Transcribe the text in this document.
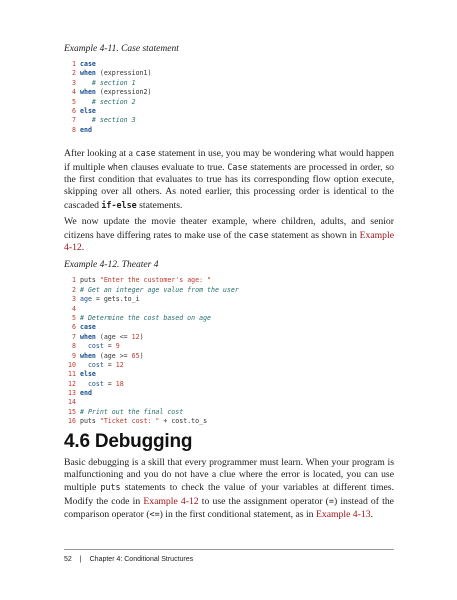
Example 4-11. Case statement

1 case
2 when (expression1)
3   # section 1
4 when (expression2)
5   # section 2
6 else
7   # section 3
8 end

After looking at a case statement in use, you may be wondering what would happen if multiple when clauses evaluate to true. Case statements are processed in order, so the first condition that evaluates to true has its corresponding flow option execute, skipping over all others. As noted earlier, this processing order is identical to the cascaded if-else statements.

We now update the movie theater example, where children, adults, and senior citizens have differing rates to make use of the case statement as shown in Example 4-12.

Example 4-12. Theater 4

1 puts "Enter the customer's age: "
2 # Get an integer age value from the user
3 age = gets.to_i
4
5 # Determine the cost based on age
6 case
7 when (age <= 12)
8  cost = 9
9 when (age >= 65)
10  cost = 12
11 else
12  cost = 18
13 end
14
15 # Print out the final cost
16 puts "Ticket cost: " + cost.to_s
4.6 Debugging

Basic debugging is a skill that every programmer must learn. When your program is malfunctioning and you do not have a clue where the error is located, you can use multiple puts statements to check the value of your variables at different times. Modify the code in Example 4-12 to use the assignment operator (=) instead of the comparison operator (<=) in the first conditional statement, as in Example 4-13.

52 | Chapter 4: Conditional Structures
